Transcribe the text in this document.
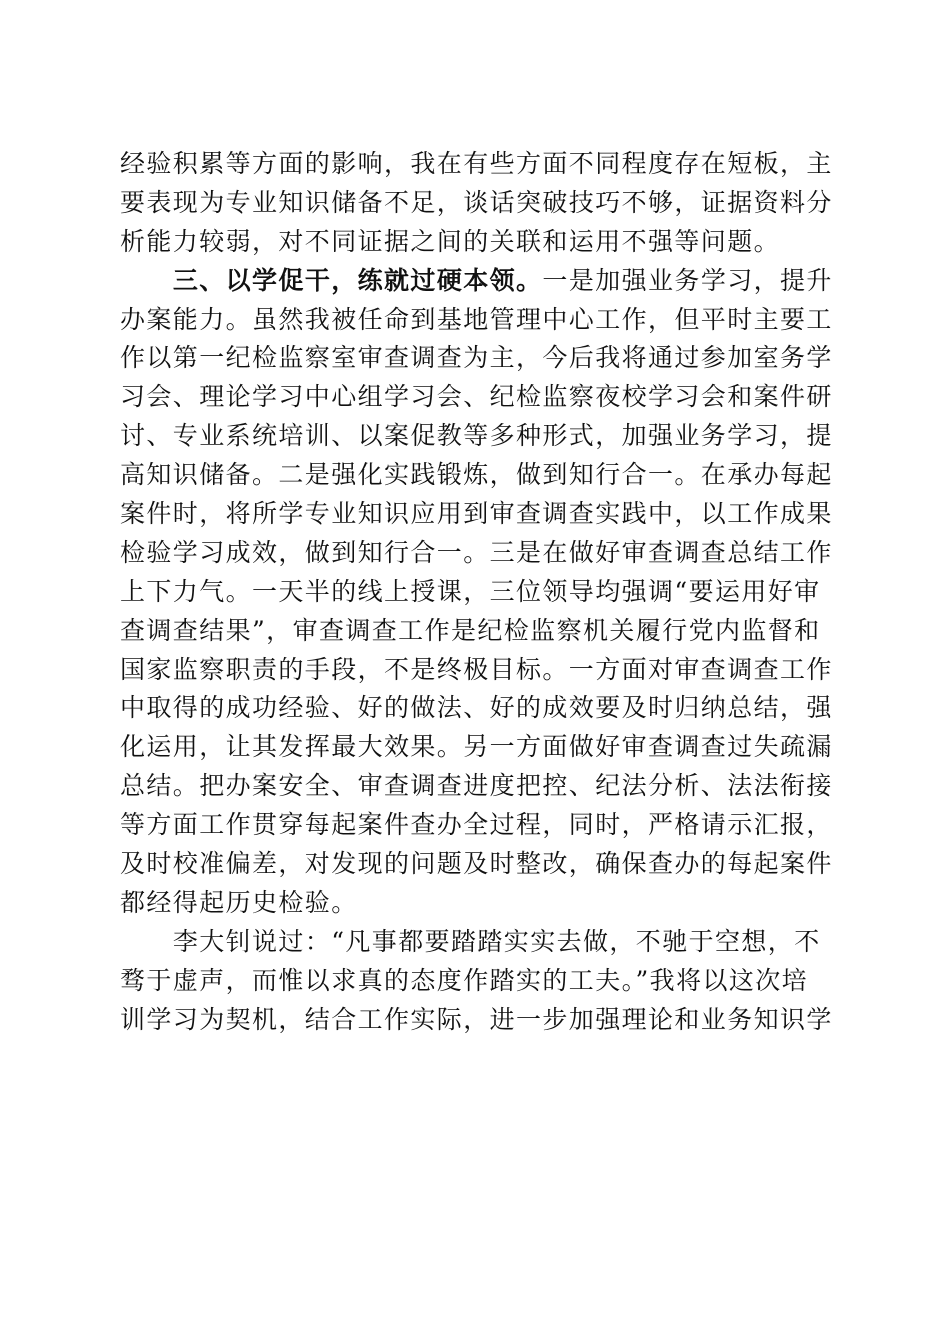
经验积累等方面的影响，我在有些方面不同程度存在短板，主
要表现为专业知识储备不足，谈话突破技巧不够，证据资料分
析能力较弱，对不同证据之间的关联和运用不强等问题。
　　三、以学促干，练就过硬本领。一是加强业务学习，提升
办案能力。虽然我被任命到基地管理中心工作，但平时主要工
作以第一纪检监察室审查调查为主，今后我将通过参加室务学
习会、理论学习中心组学习会、纪检监察夜校学习会和案件研
讨、专业系统培训、以案促教等多种形式，加强业务学习，提
高知识储备。二是强化实践锻炼，做到知行合一。在承办每起
案件时，将所学专业知识应用到审查调查实践中，以工作成果
检验学习成效，做到知行合一。三是在做好审查调查总结工作
上下力气。一天半的线上授课，三位领导均强调“要运用好审
查调查结果”，审查调查工作是纪检监察机关履行党内监督和
国家监察职责的手段，不是终极目标。一方面对审查调查工作
中取得的成功经验、好的做法、好的成效要及时归纳总结，强
化运用，让其发挥最大效果。另一方面做好审查调查过失疏漏
总结。把办案安全、审查调查进度把控、纪法分析、法法衔接
等方面工作贯穿每起案件查办全过程，同时，严格请示汇报，
及时校准偏差，对发现的问题及时整改，确保查办的每起案件
都经得起历史检验。
　　李大钊说过：“凡事都要踏踏实实去做，不驰于空想，不
骛于虚声，而惟以求真的态度作踏实的工夫。”我将以这次培
训学习为契机，结合工作实际，进一步加强理论和业务知识学
